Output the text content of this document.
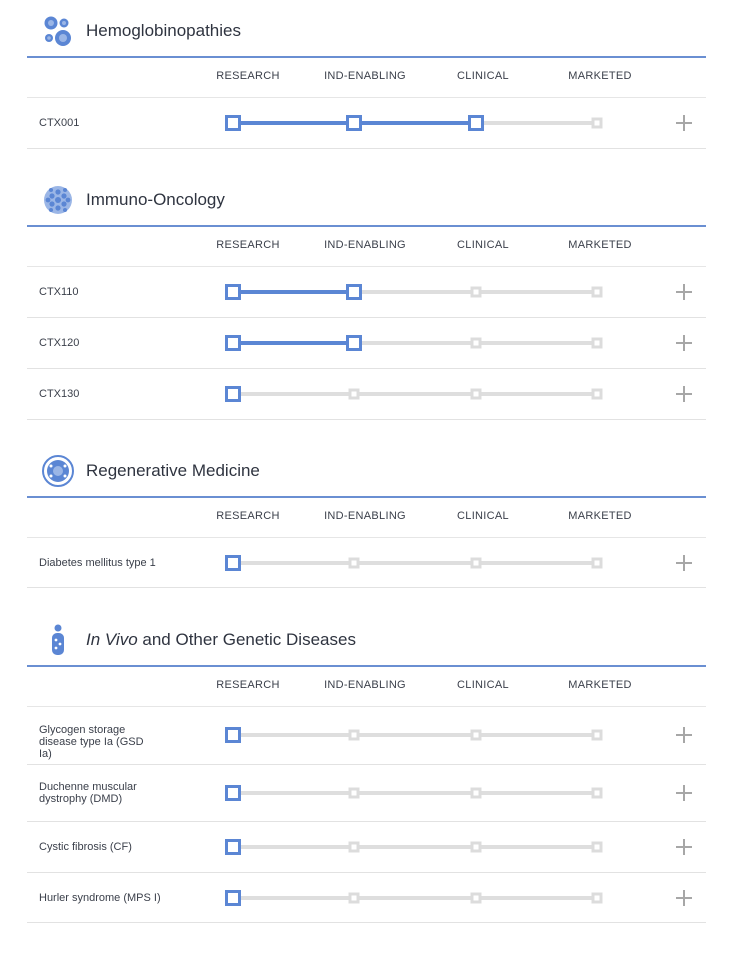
Hemoglobinopathies
RESEARCH	IND-ENABLING	CLINICAL	MARKETED
CTX001
Immuno-Oncology
RESEARCH	IND-ENABLING	CLINICAL	MARKETED
CTX110
CTX120
CTX130
Regenerative Medicine
RESEARCH	IND-ENABLING	CLINICAL	MARKETED
Diabetes mellitus type 1
In Vivo and Other Genetic Diseases
RESEARCH	IND-ENABLING	CLINICAL	MARKETED
Glycogen storage disease type Ia (GSD Ia)
Duchenne muscular dystrophy (DMD)
Cystic fibrosis (CF)
Hurler syndrome (MPS I)
